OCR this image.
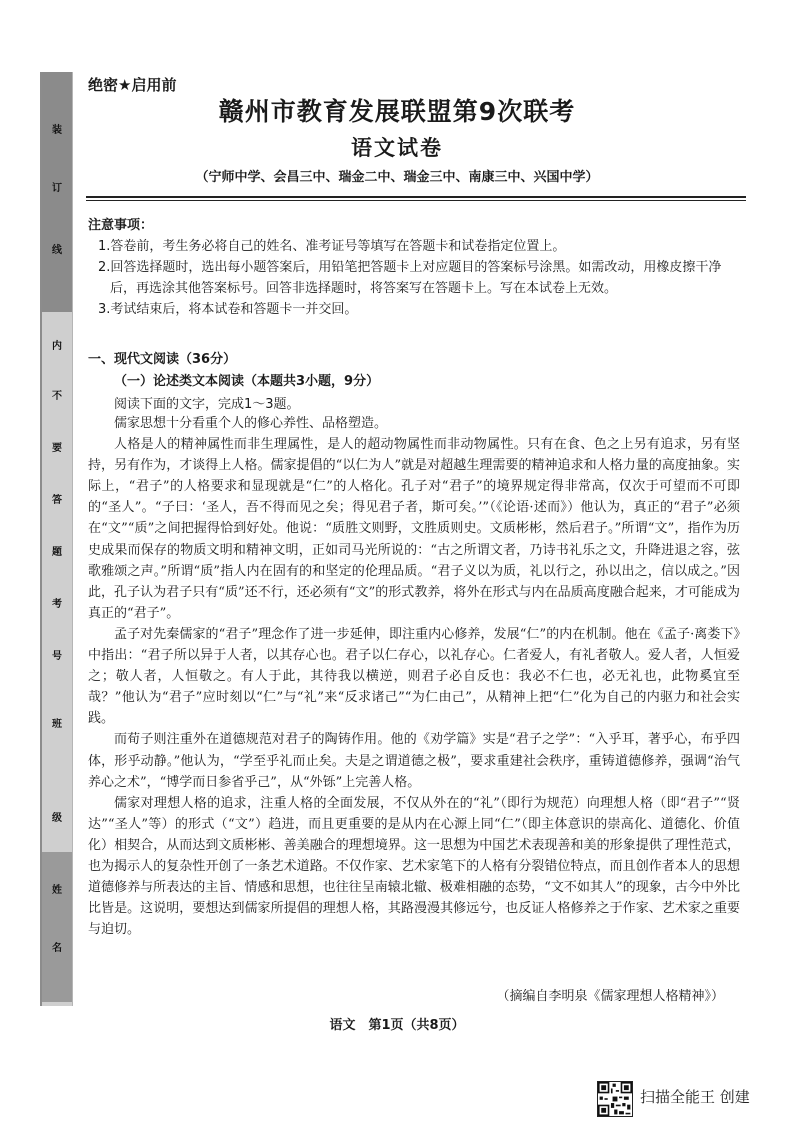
装
订
线
内
不
要
答
题
考
号
班
级
姓
名
绝密★启用前
赣州市教育发展联盟第9次联考
语文试卷
（宁师中学、会昌三中、瑞金二中、瑞金三中、南康三中、兴国中学）
注意事项：
1.答卷前，考生务必将自己的姓名、准考证号等填写在答题卡和试卷指定位置上。
2.回答选择题时，选出每小题答案后，用铅笔把答题卡上对应题目的答案标号涂黑。如需改动，用橡皮擦干净后，再选涂其他答案标号。回答非选择题时，将答案写在答题卡上。写在本试卷上无效。
3.考试结束后，将本试卷和答题卡一并交回。
一、现代文阅读（36分）
（一）论述类文本阅读（本题共3小题，9分）
阅读下面的文字，完成1～3题。

儒家思想十分看重个人的修心养性、品格塑造。

人格是人的精神属性而非生理属性，是人的超动物属性而非动物属性。只有在食、色之上另有追求，另有坚持，另有作为，才谈得上人格。儒家提倡的“以仁为人”就是对超越生理需要的精神追求和人格力量的高度抽象。实际上，“君子”的人格要求和显现就是“仁”的人格化。孔子对“君子”的境界规定得非常高，仅次于可望而不可即的“圣人”。“子曰：‘圣人，吾不得而见之矣；得见君子者，斯可矣。’”（《论语·述而》）他认为，真正的“君子”必须在“文”“质”之间把握得恰到好处。他说：“质胜文则野，文胜质则史。文质彬彬，然后君子。”所谓“文”，指作为历史成果而保存的物质文明和精神文明，正如司马光所说的：“古之所谓文者，乃诗书礼乐之文，升降进退之容，弦歌雅颂之声。”所谓“质”指人内在固有的和坚定的伦理品质。“君子义以为质，礼以行之，孙以出之，信以成之。”因此，孔子认为君子只有“质”还不行，还必须有“文”的形式教养，将外在形式与内在品质高度融合起来，才可能成为真正的“君子”。

孟子对先秦儒家的“君子”理念作了进一步延伸，即注重内心修养，发展“仁”的内在机制。他在《孟子·离娄下》中指出：“君子所以异于人者，以其存心也。君子以仁存心，以礼存心。仁者爱人，有礼者敬人。爱人者，人恒爱之；敬人者，人恒敬之。有人于此，其待我以横逆，则君子必自反也：我必不仁也，必无礼也，此物奚宜至哉？”他认为“君子”应时刻以“仁”与“礼”来“反求诸己”“为仁由己”，从精神上把“仁”化为自己的内驱力和社会实践。

而荀子则注重外在道德规范对君子的陶铸作用。他的《劝学篇》实是“君子之学”：“入乎耳，著乎心，布乎四体，形乎动静。”他认为，“学至乎礼而止矣。夫是之谓道德之极”，要求重建社会秩序，重铸道德修养，强调“治气养心之术”，“博学而日参省乎己”，从“外铄”上完善人格。

儒家对理想人格的追求，注重人格的全面发展，不仅从外在的“礼”（即行为规范）向理想人格（即“君子”“贤达”“圣人”等）的形式（“文”）趋进，而且更重要的是从内在心源上同“仁”（即主体意识的崇高化、道德化、价值化）相契合，从而达到文质彬彬、善美融合的理想境界。这一思想为中国艺术表现善和美的形象提供了理性范式，也为揭示人的复杂性开创了一条艺术道路。不仅作家、艺术家笔下的人格有分裂错位特点，而且创作者本人的思想道德修养与所表达的主旨、情感和思想，也往往呈南辕北辙、极难相融的态势，“文不如其人”的现象，古今中外比比皆是。这说明，要想达到儒家所提倡的理想人格，其路漫漫其修远兮，也反证人格修养之于作家、艺术家之重要与迫切。

（摘编自李明泉《儒家理想人格精神》）
语文　第1页（共8页）
扫描全能王 创建
